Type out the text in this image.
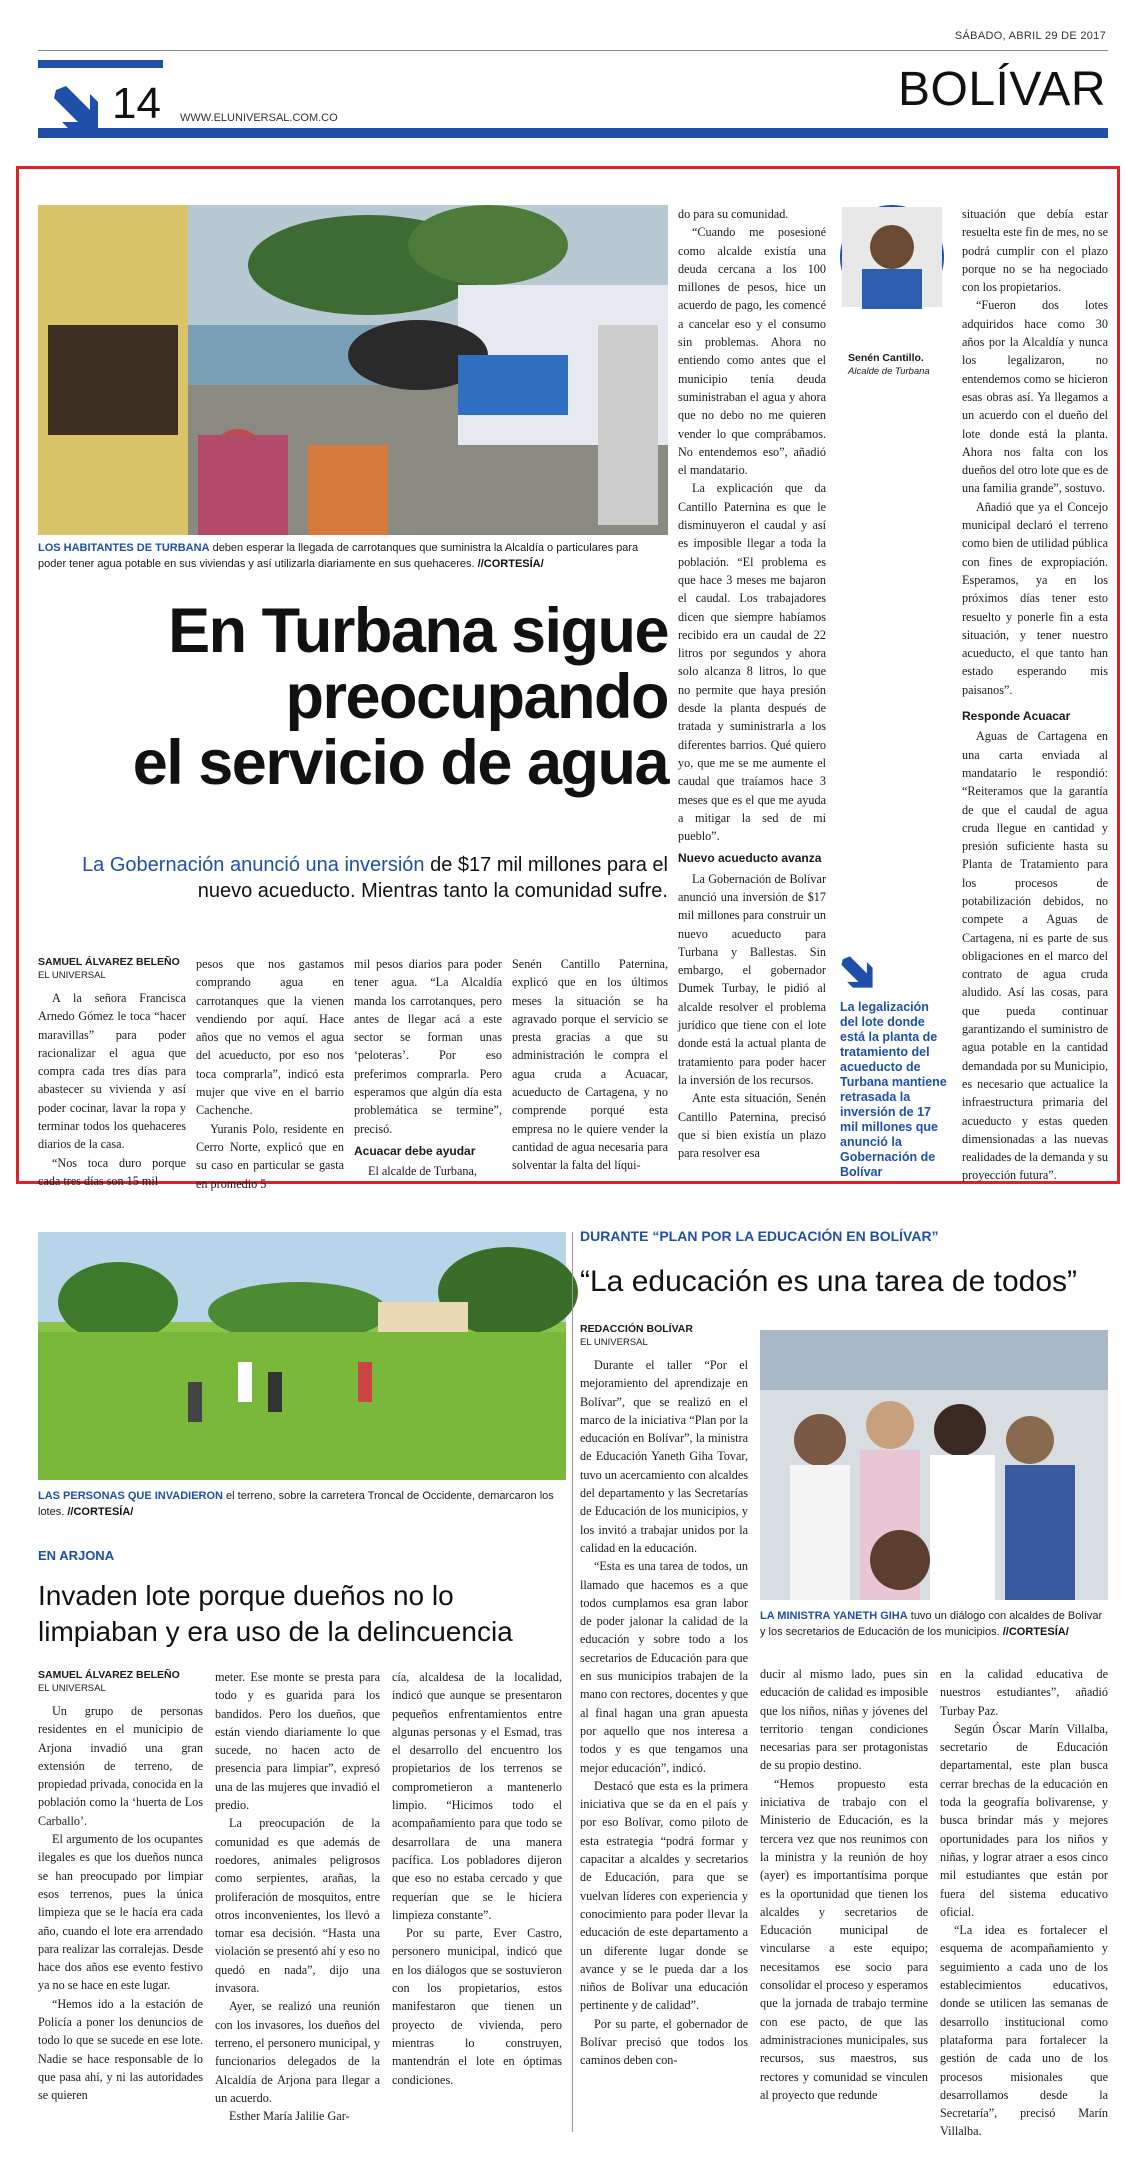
SÁBADO, ABRIL 29 DE 2017
14 WWW.ELUNIVERSAL.COM.CO
BOLÍVAR
LOS HABITANTES DE TURBANA deben esperar la llegada de carrotanques que suministra la Alcaldía o particulares para poder tener agua potable en sus viviendas y así utilizarla diariamente en sus quehaceres. //CORTESÍA/
En Turbana sigue
preocupando
el servicio de agua
La Gobernación anunció una inversión de $17 mil millones para el nuevo acueducto. Mientras tanto la comunidad sufre.
SAMUEL ÁLVAREZ BELEÑO
EL UNIVERSAL

A la señora Francisca Arnedo Gómez le toca “hacer maravillas” para poder racionalizar el agua que compra cada tres días para abastecer su vivienda y así poder cocinar, lavar la ropa y terminar todos los quehaceres diarios de la casa.

“Nos toca duro porque cada tres días son 15 mil

pesos que nos gastamos comprando agua en carrotanques que la vienen vendiendo por aquí. Hace años que no vemos el agua del acueducto, por eso nos toca comprarla”, indicó esta mujer que vive en el barrio Cachenche.

Yuranis Polo, residente en Cerro Norte, explicó que en su caso en particular se gasta en promedio 5

mil pesos diarios para poder tener agua. “La Alcaldía manda los carrotanques, pero antes de llegar acá a este sector se forman unas ‘peloteras’. Por eso preferimos comprarla. Pero esperamos que algún día esta problemática se termine”, precisó.

Acuacar debe ayudar

El alcalde de Turbana,

Senén Cantillo Paternina, explicó que en los últimos meses la situación se ha agravado porque el servicio se presta gracias a que su administración le compra el agua cruda a Acuacar, acueducto de Cartagena, y no comprende porqué esta empresa no le quiere vender la cantidad de agua necesaria para solventar la falta del líqui-

do para su comunidad.

“Cuando me posesioné como alcalde existía una deuda cercana a los 100 millones de pesos, hice un acuerdo de pago, les comencé a cancelar eso y el consumo sin problemas. Ahora no entiendo como antes que el municipio tenía deuda suministraban el agua y ahora que no debo no me quieren vender lo que comprábamos. No entendemos eso”, añadió el mandatario.

La explicación que da Cantillo Paternina es que le disminuyeron el caudal y así es imposible llegar a toda la población. “El problema es que hace 3 meses me bajaron el caudal. Los trabajadores dicen que siempre habíamos recibido era un caudal de 22 litros por segundos y ahora solo alcanza 8 litros, lo que no permite que haya presión desde la planta después de tratada y suministrarla a los diferentes barrios. Qué quiero yo, que me se me aumente el caudal que traíamos hace 3 meses que es el que me ayuda a mitigar la sed de mi pueblo”.

Nuevo acueducto avanza

La Gobernación de Bolívar anunció una inversión de $17 mil millones para construir un nuevo acueducto para Turbana y Ballestas. Sin embargo, el gobernador Dumek Turbay, le pidió al alcalde resolver el problema jurídico que tiene con el lote donde está la actual planta de tratamiento para poder hacer la inversión de los recursos.

Ante esta situación, Senén Cantillo Paternina, precisó que si bien existía un plazo para resolver esa

Senén Cantillo.
Alcalde de Turbana
La legalización del lote donde está la planta de tratamiento del acueducto de Turbana mantiene retrasada la inversión de 17 mil millones que anunció la Gobernación de Bolívar

situación que debía estar resuelta este fin de mes, no se podrá cumplir con el plazo porque no se ha negociado con los propietarios.

“Fueron dos lotes adquiridos hace como 30 años por la Alcaldía y nunca los legalizaron, no entendemos como se hicieron esas obras así. Ya llegamos a un acuerdo con el dueño del lote donde está la planta. Ahora nos falta con los dueños del otro lote que es de una familia grande”, sostuvo.

Añadió que ya el Concejo municipal declaró el terreno como bien de utilidad pública con fines de expropiación. Esperamos, ya en los próximos días tener esto resuelto y ponerle fin a esta situación, y tener nuestro acueducto, el que tanto han estado esperando mis paisanos”.

Responde Acuacar

Aguas de Cartagena en una carta enviada al mandatario le respondió: “Reiteramos que la garantía de que el caudal de agua cruda llegue en cantidad y presión suficiente hasta su Planta de Tratamiento para los procesos de potabilización debidos, no compete a Aguas de Cartagena, ni es parte de sus obligaciones en el marco del contrato de agua cruda aludido. Así las cosas, para que pueda continuar garantizando el suministro de agua potable en la cantidad demandada por su Municipio, es necesario que actualice la infraestructura primaria del acueducto y estas queden dimensionadas a las nuevas realidades de la demanda y su proyección futura”.

LAS PERSONAS QUE INVADIERON el terreno, sobre la carretera Troncal de Occidente, demarcaron los lotes. //CORTESÍA/
EN ARJONA
Invaden lote porque dueños no lo limpiaban y era uso de la delincuencia
SAMUEL ÁLVAREZ BELEÑO
EL UNIVERSAL

Un grupo de personas residentes en el municipio de Arjona invadió una gran extensión de terreno, de propiedad privada, conocida en la población como la ‘huerta de Los Carballo’.

El argumento de los ocupantes ilegales es que los dueños nunca se han preocupado por limpiar esos terrenos, pues la única limpieza que se le hacía era cada año, cuando el lote era arrendado para realizar las corralejas. Desde hace dos años ese evento festivo ya no se hace en este lugar.

“Hemos ido a la estación de Policía a poner los denuncios de todo lo que se sucede en ese lote. Nadie se hace responsable de lo que pasa ahí, y ni las autoridades se quieren

meter. Ese monte se presta para todo y es guarida para los bandidos. Pero los dueños, que están viendo diariamente lo que sucede, no hacen acto de presencia para limpiar”, expresó una de las mujeres que invadió el predio.

La preocupación de la comunidad es que además de roedores, animales peligrosos como serpientes, arañas, la proliferación de mosquitos, entre otros inconvenientes, los llevó a tomar esa decisión. “Hasta una violación se presentó ahí y eso no quedó en nada”, dijo una invasora.

Ayer, se realizó una reunión con los invasores, los dueños del terreno, el personero municipal, y funcionarios delegados de la Alcaldía de Arjona para llegar a un acuerdo.

Esther María Jalilie Gar-

cía, alcaldesa de la localidad, indicó que aunque se presentaron pequeños enfrentamientos entre algunas personas y el Esmad, tras el desarrollo del encuentro los propietarios de los terrenos se comprometieron a mantenerlo limpio. “Hicimos todo el acompañamiento para que todo se desarrollara de una manera pacífica. Los pobladores dijeron que eso no estaba cercado y que requerían que se le hiciera limpieza constante”.

Por su parte, Ever Castro, personero municipal, indicó que en los diálogos que se sostuvieron con los propietarios, estos manifestaron que tienen un proyecto de vivienda, pero mientras lo construyen, mantendrán el lote en óptimas condiciones.

DURANTE “PLAN POR LA EDUCACIÓN EN BOLÍVAR”
“La educación es una tarea de todos”
REDACCIÓN BOLÍVAR
EL UNIVERSAL

Durante el taller “Por el mejoramiento del aprendizaje en Bolívar”, que se realizó en el marco de la iniciativa “Plan por la educación en Bolívar”, la ministra de Educación Yaneth Giha Tovar, tuvo un acercamiento con alcaldes del departamento y las Secretarías de Educación de los municipios, y los invitó a trabajar unidos por la calidad en la educación.

“Esta es una tarea de todos, un llamado que hacemos es a que todos cumplamos esa gran labor de poder jalonar la calidad de la educación y sobre todo a los secretarios de Educación para que en sus municipios trabajen de la mano con rectores, docentes y que al final hagan una gran apuesta por aquello que nos interesa a todos y es que tengamos una mejor educación”, indicó.

Destacó que esta es la primera iniciativa que se da en el país y por eso Bolívar, como piloto de esta estrategia “podrá formar y capacitar a alcaldes y secretarios de Educación, para que se vuelvan líderes con experiencia y conocimiento para poder llevar la educación de este departamento a un diferente lugar donde se avance y se le pueda dar a los niños de Bolívar una educación pertinente y de calidad”.

Por su parte, el gobernador de Bolívar precisó que todos los caminos deben con-

LA MINISTRA YANETH GIHA tuvo un diálogo con alcaldes de Bolívar y los secretarios de Educación de los municipios. //CORTESÍA/

ducir al mismo lado, pues sin educación de calidad es imposible que los niños, niñas y jóvenes del territorio tengan condiciones necesarias para ser protagonistas de su propio destino.

“Hemos propuesto esta iniciativa de trabajo con el Ministerio de Educación, es la tercera vez que nos reunimos con la ministra y la reunión de hoy (ayer) es importantísima porque es la oportunidad que tienen los alcaldes y secretarios de Educación municipal de vincularse a este equipo; necesitamos ese socio para consolidar el proceso y esperamos que la jornada de trabajo termine con ese pacto, de que las administraciones municipales, sus recursos, sus maestros, sus rectores y comunidad se vinculen al proyecto que redunde

en la calidad educativa de nuestros estudiantes”, añadió Turbay Paz.

Según Óscar Marín Villalba, secretario de Educación departamental, este plan busca cerrar brechas de la educación en toda la geografía bolivarense, y busca brindar más y mejores oportunidades para los niños y niñas, y lograr atraer a esos cinco mil estudiantes que están por fuera del sistema educativo oficial.

“La idea es fortalecer el esquema de acompañamiento y seguimiento a cada uno de los establecimientos educativos, donde se utilicen las semanas de desarrollo institucional como plataforma para fortalecer la gestión de cada uno de los procesos misionales que desarrollamos desde la Secretaría”, precisó Marín Villalba.
